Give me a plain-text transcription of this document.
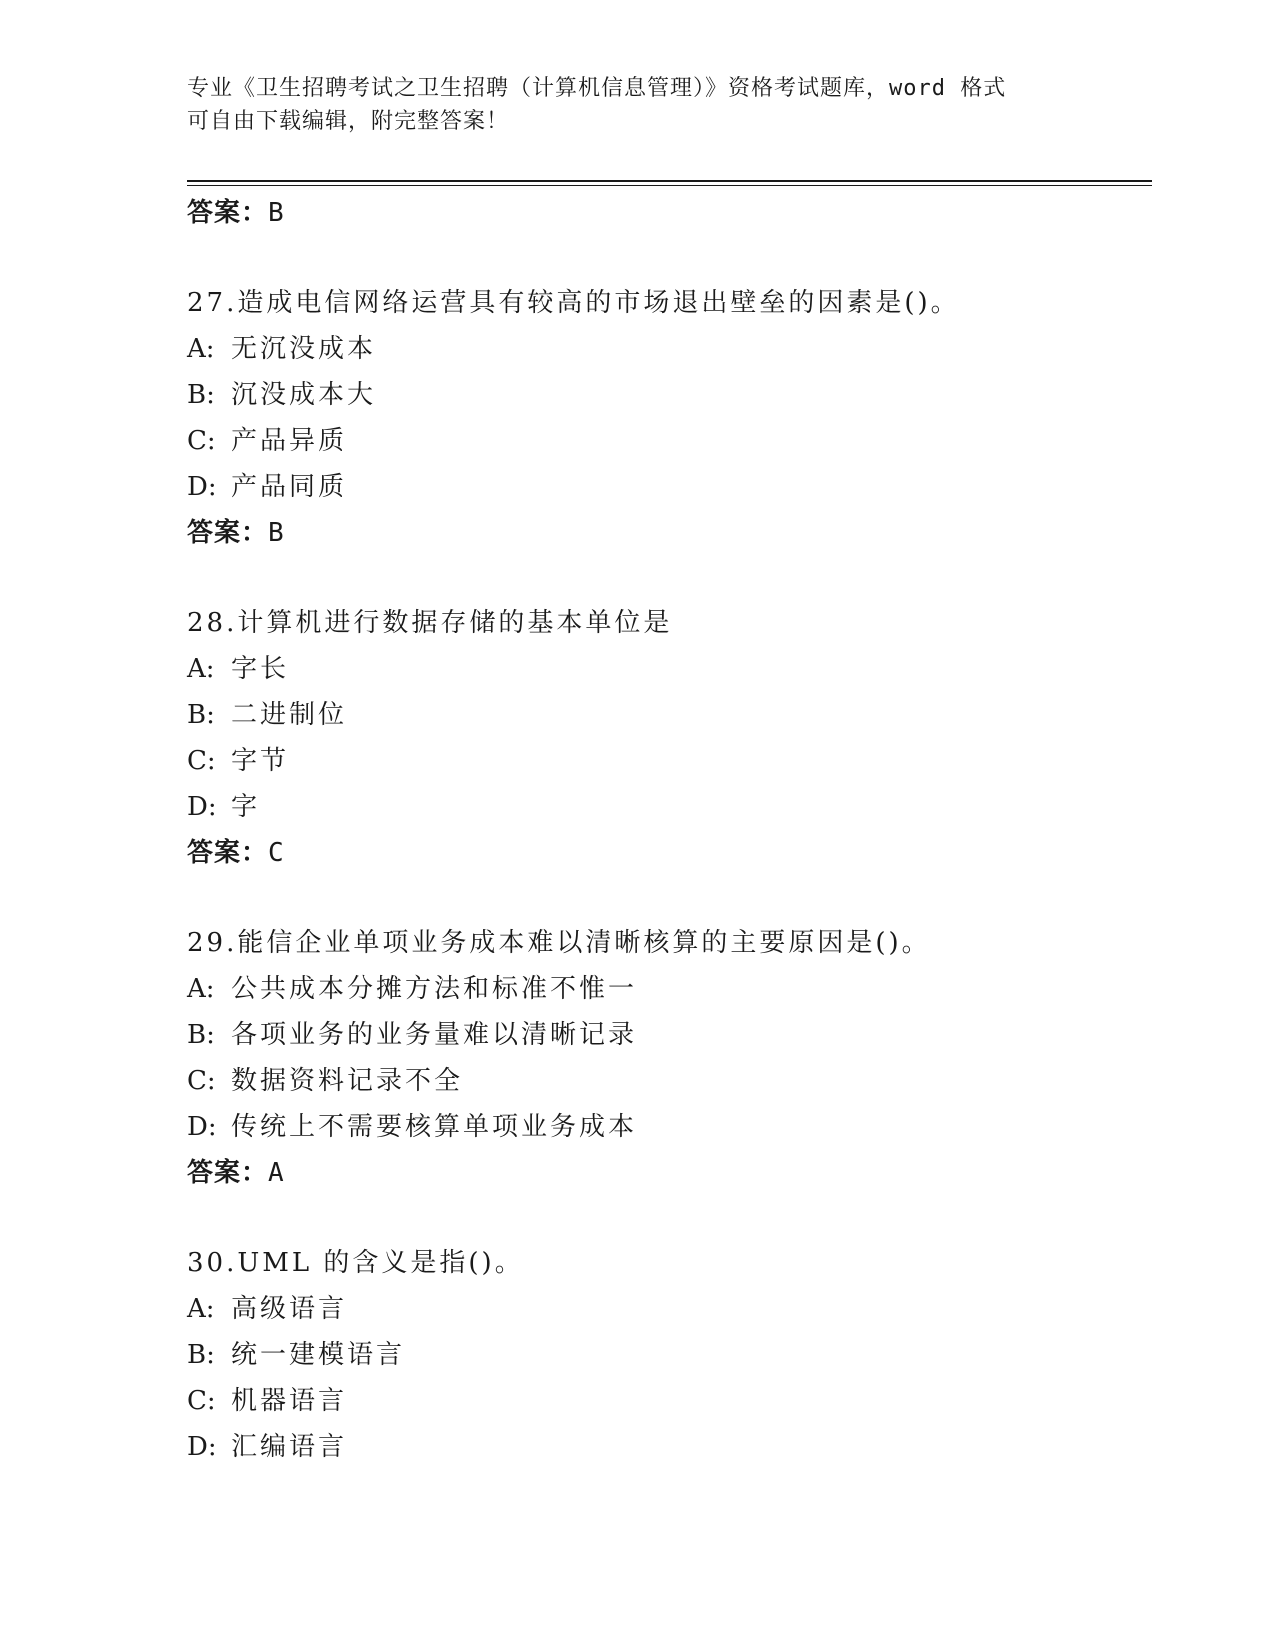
专业《卫生招聘考试之卫生招聘（计算机信息管理）》资格考试题库，word 格式
可自由下载编辑，附完整答案！
答案：B
27.造成电信网络运营具有较高的市场退出壁垒的因素是()。
A: 无沉没成本
B: 沉没成本大
C: 产品异质
D: 产品同质
答案：B
28.计算机进行数据存储的基本单位是
A: 字长
B: 二进制位
C: 字节
D: 字
答案：C
29.能信企业单项业务成本难以清晰核算的主要原因是()。
A: 公共成本分摊方法和标准不惟一
B: 各项业务的业务量难以清晰记录
C: 数据资料记录不全
D: 传统上不需要核算单项业务成本
答案：A
30.UML 的含义是指()。
A: 高级语言
B: 统一建模语言
C: 机器语言
D: 汇编语言
